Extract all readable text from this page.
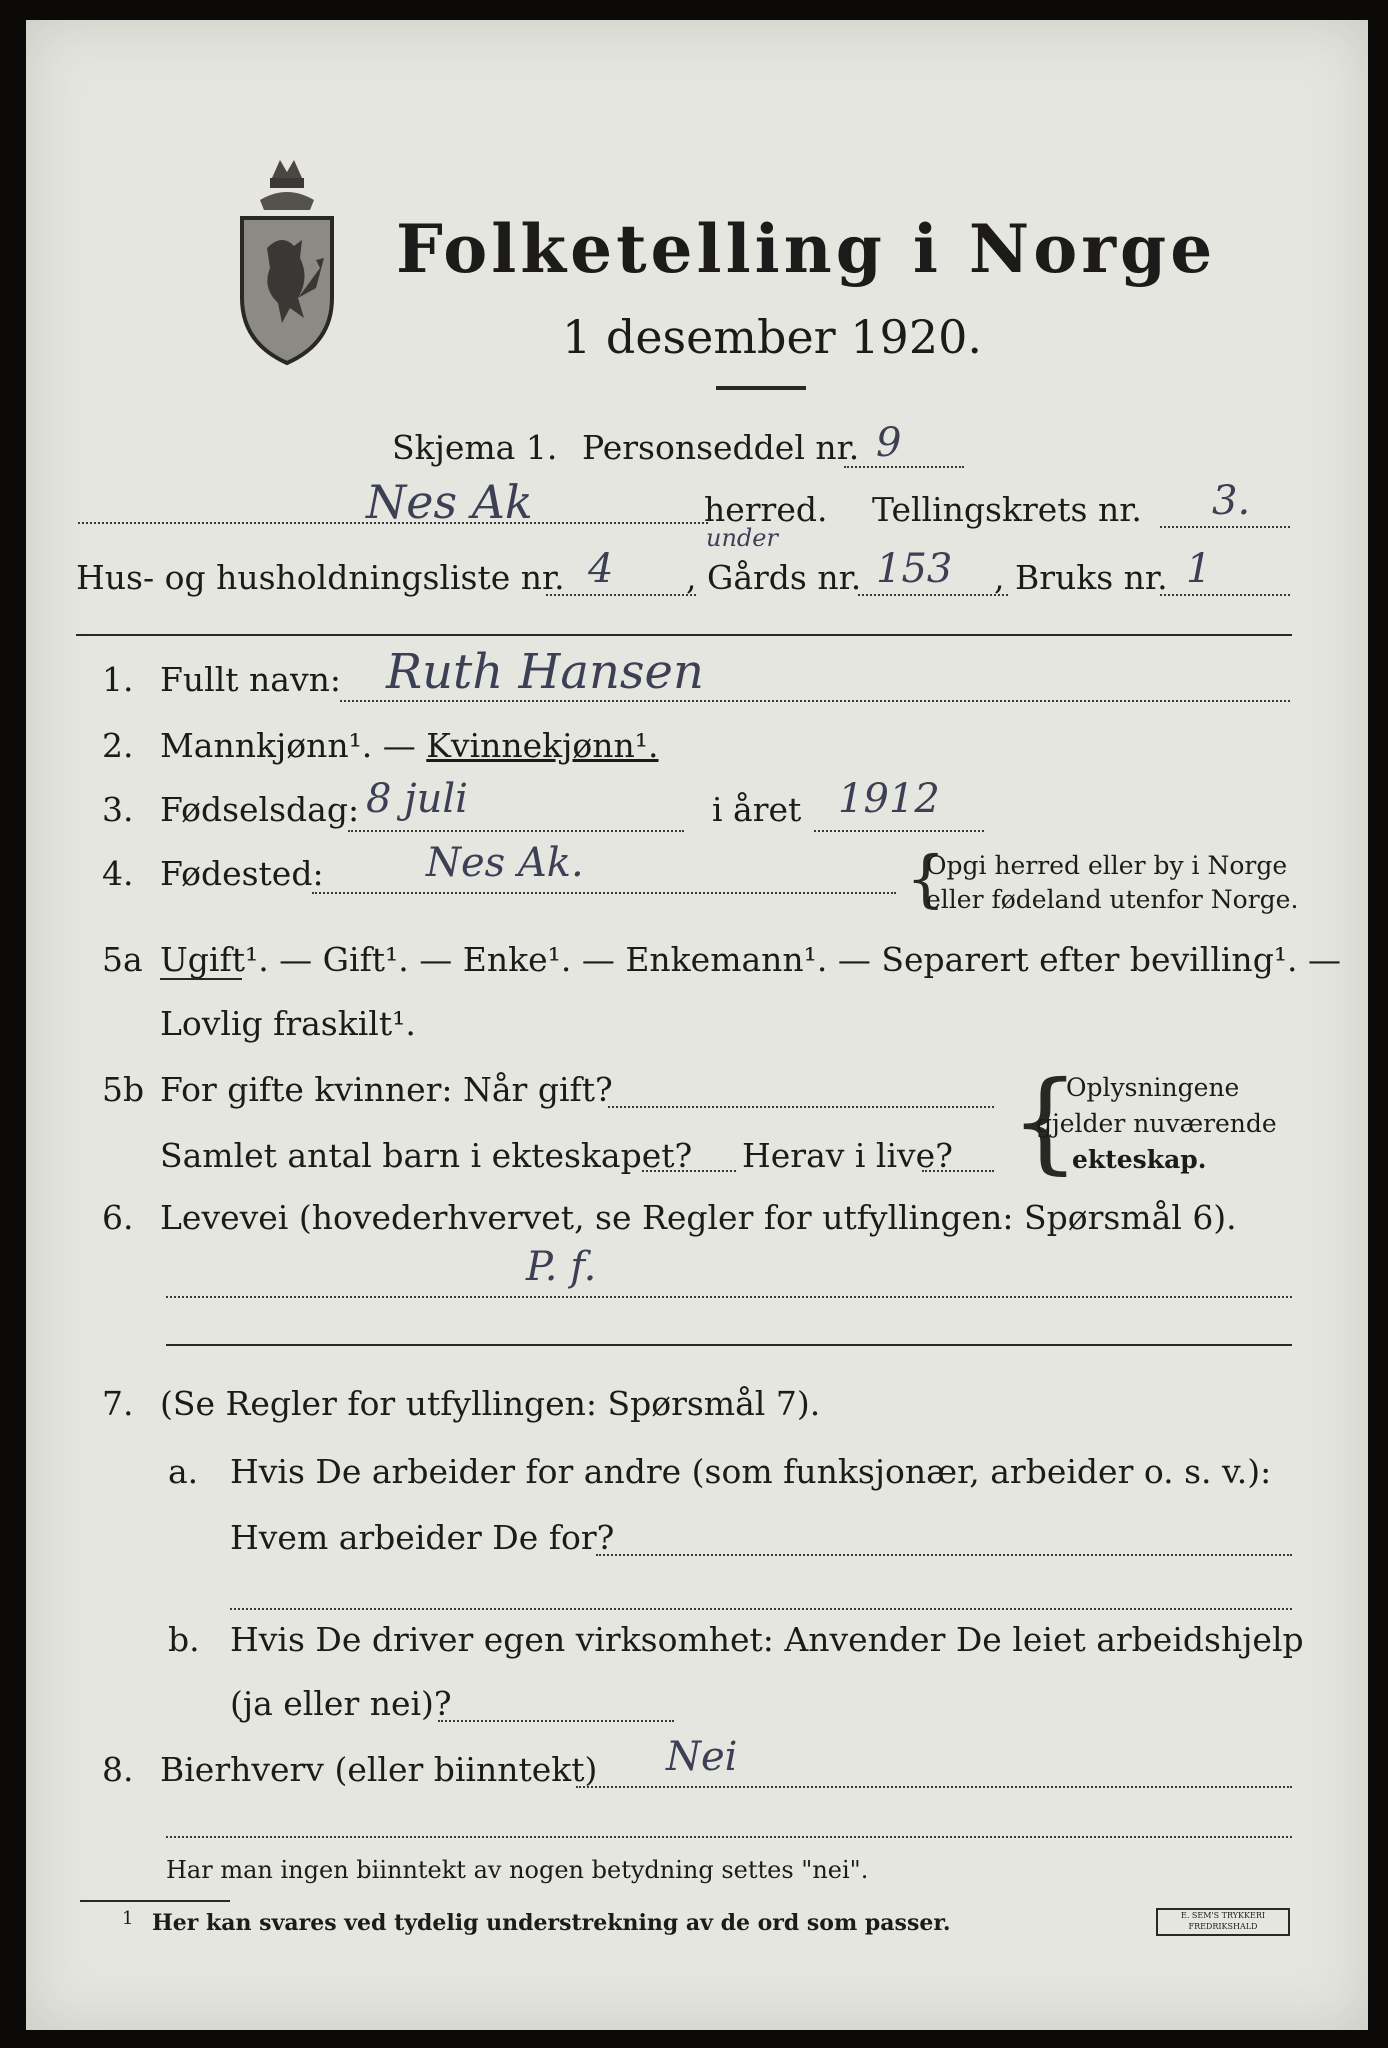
Folketelling i Norge
1 desember 1920.
Skjema 1. Personseddel nr. 9
Nes Ak	herred. Tellingskrets nr. 3.
Hus- og husholdningsliste nr. 4 , Gårds nr.
under
153 , Bruks nr. 1
1. Fullt navn: Ruth Hansen
2. Mannkjønn¹. — Kvinnekjønn¹.
3. Fødselsdag: 8 juli	i året 1912
4. Fødested:	Nes Ak.	{
Opgi herred eller by i Norge
eller fødeland utenfor Norge.
5a Ugift¹. — Gift¹. — Enke¹. — Enkemann¹. — Separert efter bevilling¹. —
Lovlig fraskilt¹.
5b For gifte kvinner: Når gift?
Samlet antal barn i ekteskapet? Herav i live? {
Oplysningene
gjelder nuværende
ekteskap.
6. Levevei (hovederhvervet, se Regler for utfyllingen: Spørsmål 6).
P. f.
7. (Se Regler for utfyllingen: Spørsmål 7).
a. Hvis De arbeider for andre (som funksjonær, arbeider o. s. v.):
Hvem arbeider De for?
b. Hvis De driver egen virksomhet: Anvender De leiet arbeidshjelp
(ja eller nei)?
8. Bierhverv (eller biinntekt) Nei
Har man ingen biinntekt av nogen betydning settes "nei".
1 Her kan svares ved tydelig understrekning av de ord som passer.	E. SEM'S TRYKKERI FREDRIKSHALD
